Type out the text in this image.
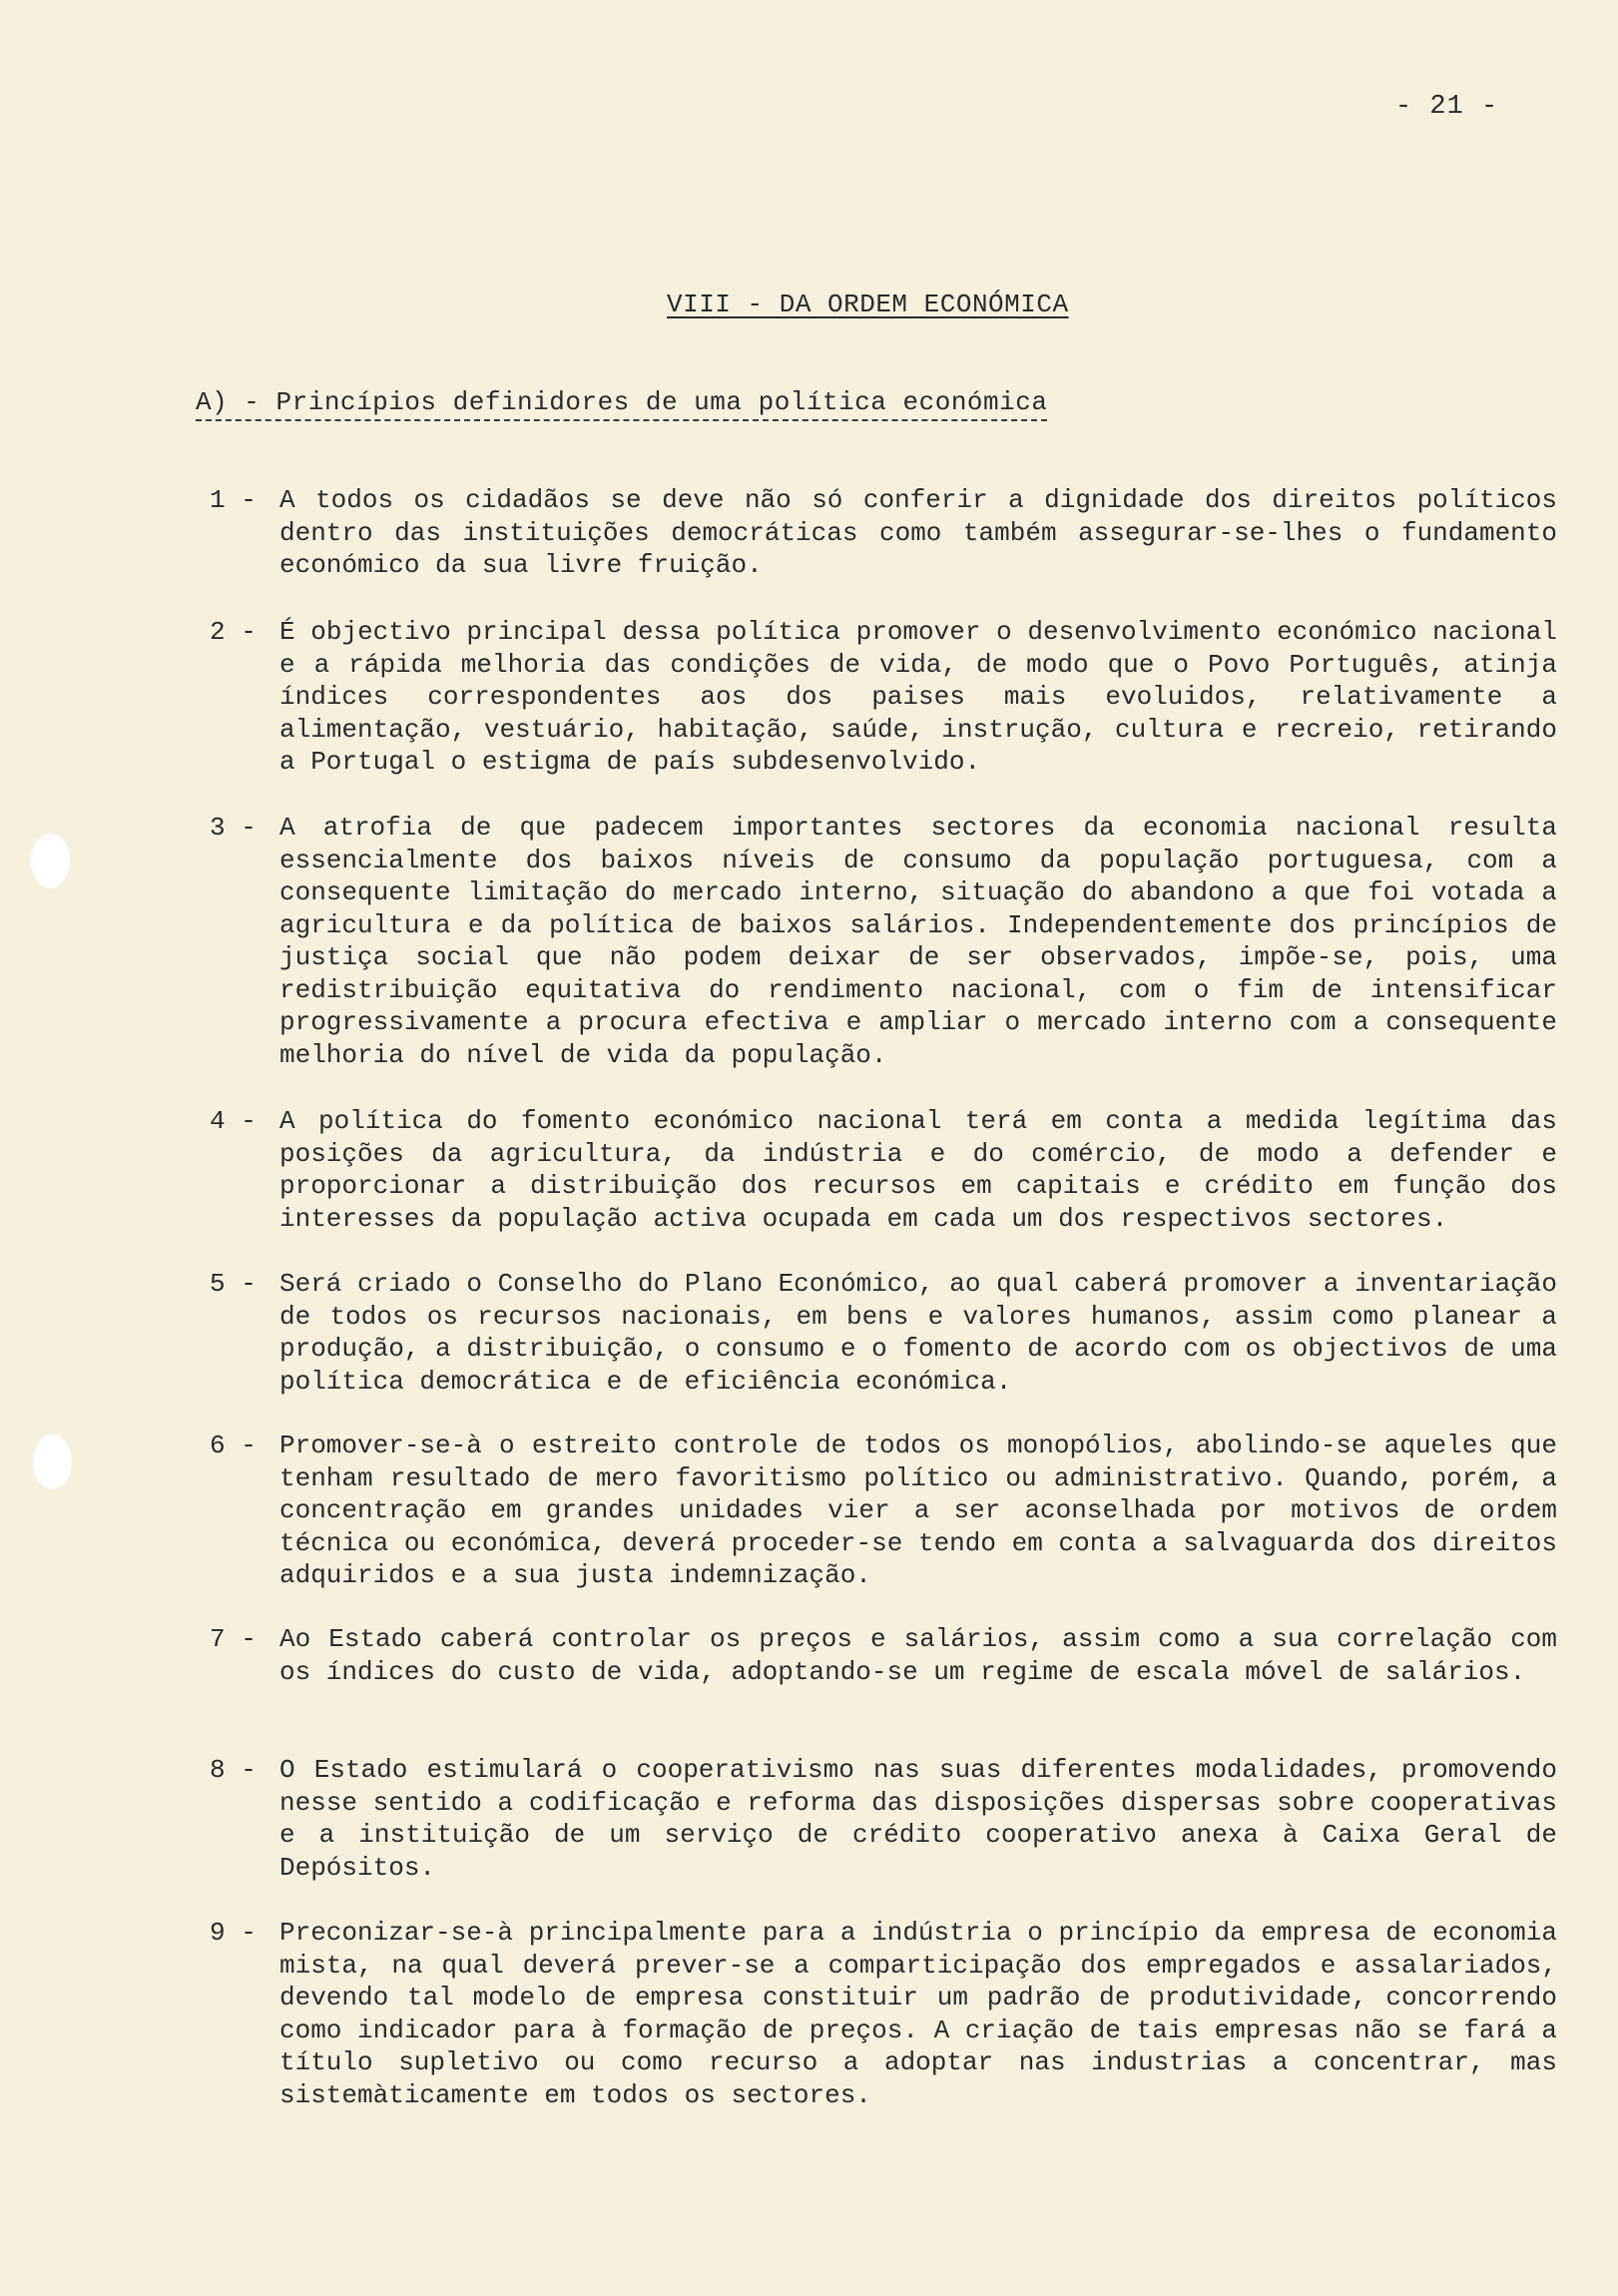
- 21 -
VIII - DA ORDEM ECONÓMICA
A) - Princípios definidores de uma política económica
1 - A todos os cidadãos se deve não só conferir a dignidade dos direitos políticos dentro das instituições democráticas como também assegurar-se-lhes o fundamento económico da sua livre fruição.
2 - É objectivo principal dessa política promover o desenvolvimento económico nacional e a rápida melhoria das condições de vida, de modo que o Povo Português, atinja índices correspondentes aos dos paises mais evoluidos, relativamente a alimentação, vestuário, habitação, saúde, instrução, cultura e recreio, retirando a Portugal o estigma de país subdesenvolvido.
3 - A atrofia de que padecem importantes sectores da economia nacional resulta essencialmente dos baixos níveis de consumo da população portuguesa, com a consequente limitação do mercado interno, situação do abandono a que foi votada a agricultura e da política de baixos salários. Independentemente dos princípios de justiça social que não podem deixar de ser observados, impõe-se, pois, uma redistribuição equitativa do rendimento nacional, com o fim de intensificar progressivamente a procura efectiva e ampliar o mercado interno com a consequente melhoria do nível de vida da população.
4 - A política do fomento económico nacional terá em conta a medida legítima das posições da agricultura, da indústria e do comércio, de modo a defender e proporcionar a distribuição dos recursos em capitais e crédito em função dos interesses da população activa ocupada em cada um dos respectivos sectores.
5 - Será criado o Conselho do Plano Económico, ao qual caberá promover a inventariação de todos os recursos nacionais, em bens e valores humanos, assim como planear a produção, a distribuição, o consumo e o fomento de acordo com os objectivos de uma política democrática e de eficiência económica.
6 - Promover-se-à o estreito controle de todos os monopólios, abolindo-se aqueles que tenham resultado de mero favoritismo político ou administrativo. Quando, porém, a concentração em grandes unidades vier a ser aconselhada por motivos de ordem técnica ou económica, deverá proceder-se tendo em conta a salvaguarda dos direitos adquiridos e a sua justa indemnização.
7 - Ao Estado caberá controlar os preços e salários, assim como a sua correlação com os índices do custo de vida, adoptando-se um regime de escala móvel de salários.
8 - O Estado estimulará o cooperativismo nas suas diferentes modalidades, promovendo nesse sentido a codificação e reforma das disposições dispersas sobre cooperativas e a instituição de um serviço de crédito cooperativo anexa à Caixa Geral de Depósitos.
9 - Preconizar-se-à principalmente para a indústria o princípio da empresa de economia mista, na qual deverá prever-se a comparticipação dos empregados e assalariados, devendo tal modelo de empresa constituir um padrão de produtividade, concorrendo como indicador para à formação de preços. A criação de tais empresas não se fará a título supletivo ou como recurso a adoptar nas industrias a concentrar, mas sistemàticamente em todos os sectores.
